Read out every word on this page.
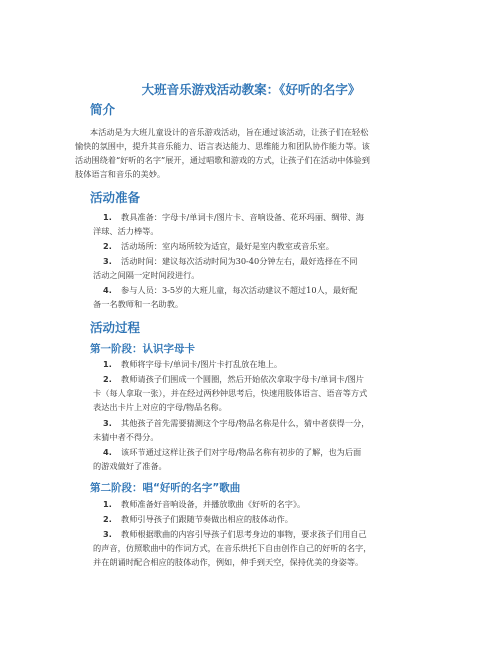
大班音乐游戏活动教案：《好听的名字》
简介
本活动是为大班儿童设计的音乐游戏活动，旨在通过该活动，让孩子们在轻松
愉快的氛围中，提升其音乐能力、语言表达能力、思维能力和团队协作能力等。该
活动围绕着“好听的名字”展开，通过唱歌和游戏的方式，让孩子们在活动中体验到
肢体语言和音乐的美妙。
活动准备
1. 教具准备：字母卡/单词卡/图片卡、音响设备、花环玛丽、绸带、海
洋球、活力棒等。
2. 活动场所：室内场所较为适宜，最好是室内教室或音乐室。
3. 活动时间：建议每次活动时间为30-40分钟左右，最好选择在不同
活动之间隔一定时间段进行。
4. 参与人员：3-5岁的大班儿童，每次活动建议不超过10人，最好配
备一名教师和一名助教。
活动过程
第一阶段：认识字母卡
1. 教师将字母卡/单词卡/图片卡打乱放在地上。
2. 教师请孩子们围成一个圆圈，然后开始依次拿取字母卡/单词卡/图片
卡（每人拿取一张），并在经过两秒钟思考后，快速用肢体语言、语音等方式
表达出卡片上对应的字母/物品名称。
3. 其他孩子首先需要猜测这个字母/物品名称是什么，猜中者获得一分，
未猜中者不得分。
4. 该环节通过这样让孩子们对字母/物品名称有初步的了解，也为后面
的游戏做好了准备。
第二阶段：唱“好听的名字”歌曲
1. 教师准备好音响设备，并播放歌曲《好听的名字》。
2. 教师引导孩子们跟随节奏做出相应的肢体动作。
3. 教师根据歌曲的内容引导孩子们思考身边的事物，要求孩子们用自己
的声音，仿照歌曲中的作词方式，在音乐烘托下自由创作自己的好听的名字，
并在朗诵时配合相应的肢体动作，例如，伸手到天空，保持优美的身姿等。
